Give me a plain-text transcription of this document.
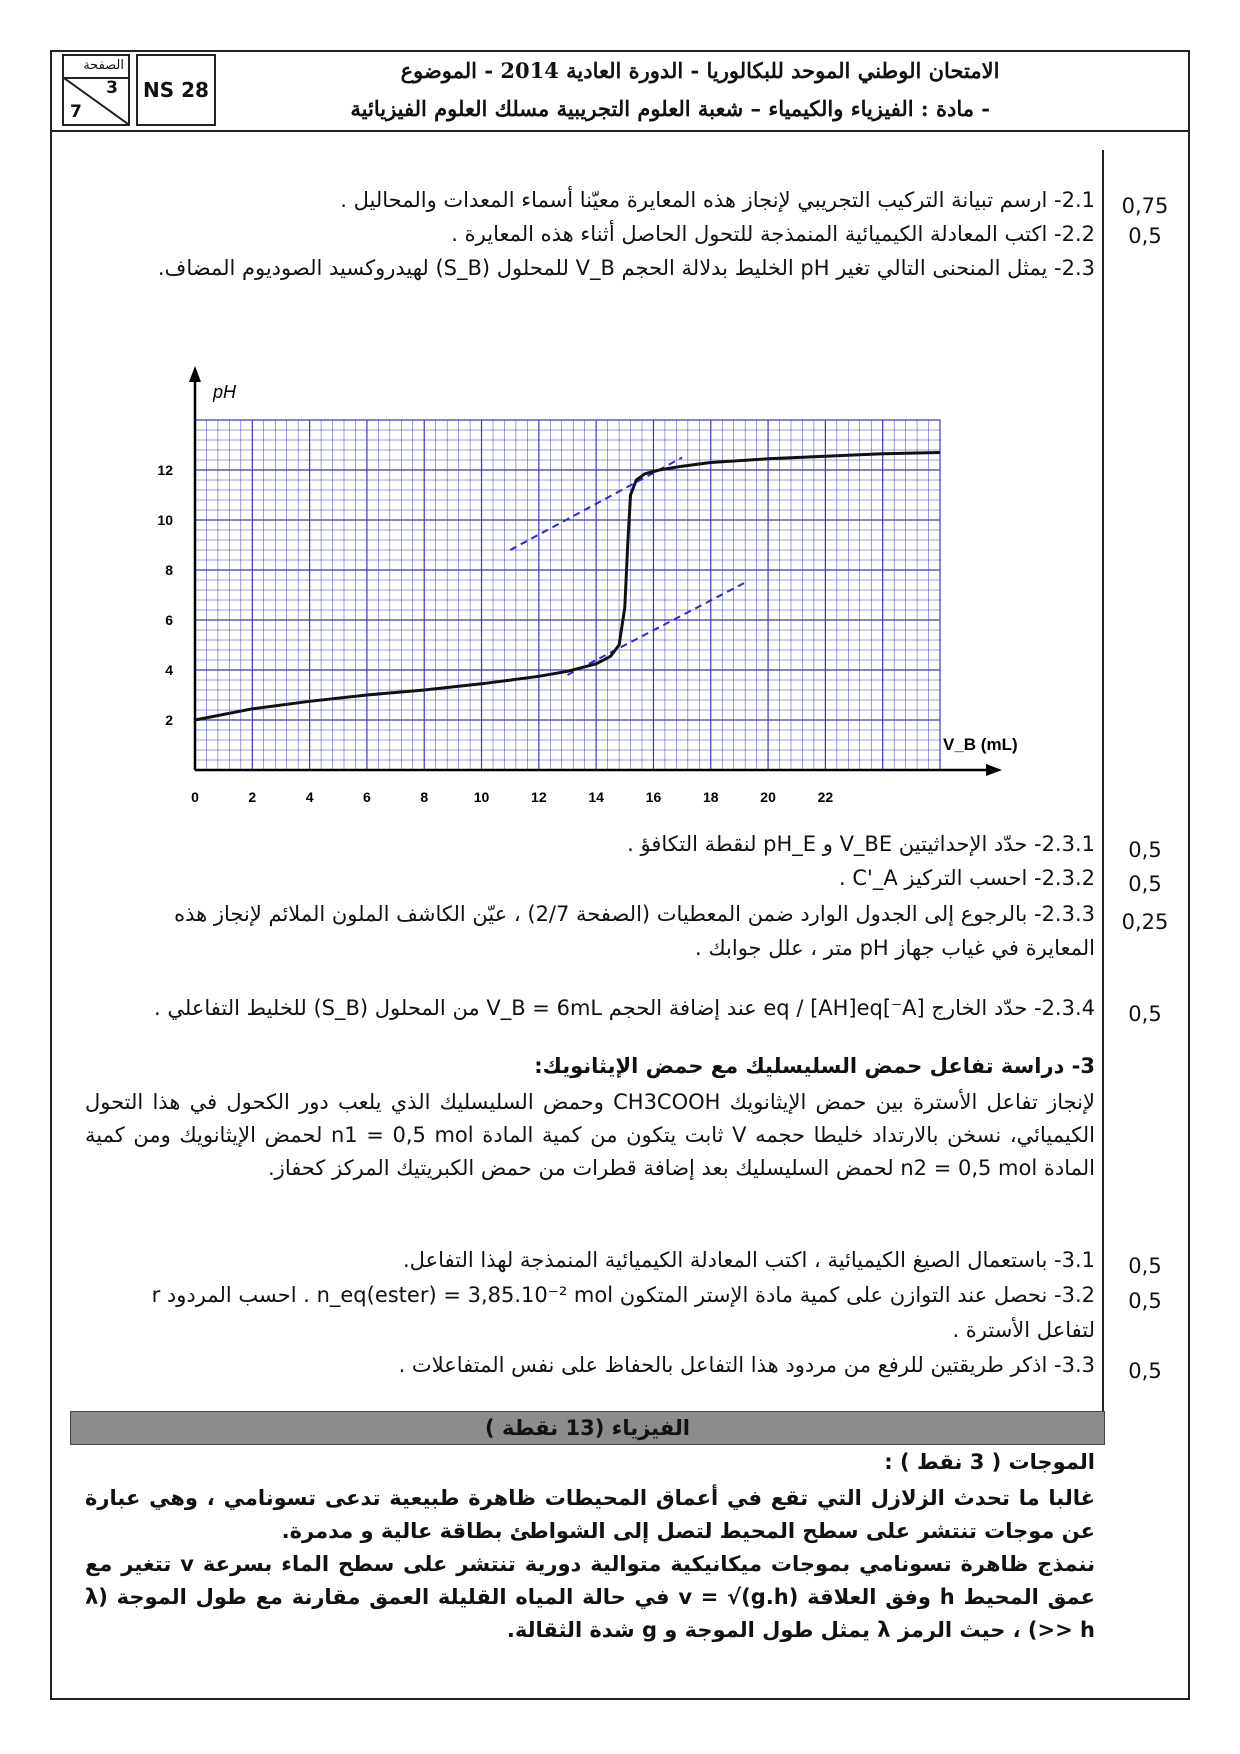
الصفحة
3
7
NS 28
الامتحان الوطني الموحد للبكالوريا - الدورة العادية 2014 - الموضوع
- مادة : الفيزياء والكيمياء – شعبة العلوم التجريبية مسلك العلوم الفيزيائية
2.1- ارسم تبيانة التركيب التجريبي لإنجاز هذه المعايرة معيّنا أسماء المعدات والمحاليل .	0,75
2.2- اكتب المعادلة الكيميائية المنمذجة للتحول الحاصل أثناء هذه المعايرة .	0,5
2.3- يمثل المنحنى التالي تغير pH الخليط بدلالة الحجم V_B للمحلول (S_B) لهيدروكسيد الصوديوم المضاف.
0	2	4	6	8	10	12	14	16	18	20	22
2
4
6
8
10
12
pH
V_B (mL)
2.3.1- حدّد الإحداثيتين V_BE و pH_E لنقطة التكافؤ .	0,5
2.3.2- احسب التركيز C'_A .	0,5
2.3.3- بالرجوع إلى الجدول الوارد ضمن المعطيات (الصفحة 2/7) ، عيّن الكاشف الملون الملائم لإنجاز هذه
المعايرة في غياب جهاز pH متر ، علل جوابك .
0,25
2.3.4- حدّد الخارج [A⁻]eq / [AH]eq عند إضافة الحجم V_B = 6mL من المحلول (S_B) للخليط التفاعلي .	0,5
3- دراسة تفاعل حمض السليسليك مع حمض الإيثانويك:
لإنجاز تفاعل الأسترة بين حمض الإيثانويك CH3COOH وحمض السليسليك الذي يلعب دور الكحول في هذا التحول الكيميائي، نسخن بالارتداد خليطا حجمه V ثابت يتكون من كمية المادة n1 = 0,5 mol لحمض الإيثانويك ومن كمية المادة n2 = 0,5 mol لحمض السليسليك بعد إضافة قطرات من حمض الكبريتيك المركز كحفاز.
3.1- باستعمال الصيغ الكيميائية ، اكتب المعادلة الكيميائية المنمذجة لهذا التفاعل.	0,5
3.2- نحصل عند التوازن على كمية مادة الإستر المتكون n_eq(ester) = 3,85.10⁻² mol . احسب المردود r
لتفاعل الأسترة .
0,5
3.3- اذكر طريقتين للرفع من مردود هذا التفاعل بالحفاظ على نفس المتفاعلات .	0,5
الفيزياء (13 نقطة )
الموجات ( 3 نقط ) :
غالبا ما تحدث الزلازل التي تقع في أعماق المحيطات ظاهرة طبيعية تدعى تسونامي ، وهي عبارة عن موجات تنتشر على سطح المحيط لتصل إلى الشواطئ بطاقة عالية و مدمرة.
ننمذج ظاهرة تسونامي بموجات ميكانيكية متوالية دورية تنتشر على سطح الماء بسرعة v تتغير مع عمق المحيط h وفق العلاقة v = √(g.h) في حالة المياه القليلة العمق مقارنة مع طول الموجة (λ >> h) ، حيث الرمز λ يمثل طول الموجة و g شدة الثقالة.
